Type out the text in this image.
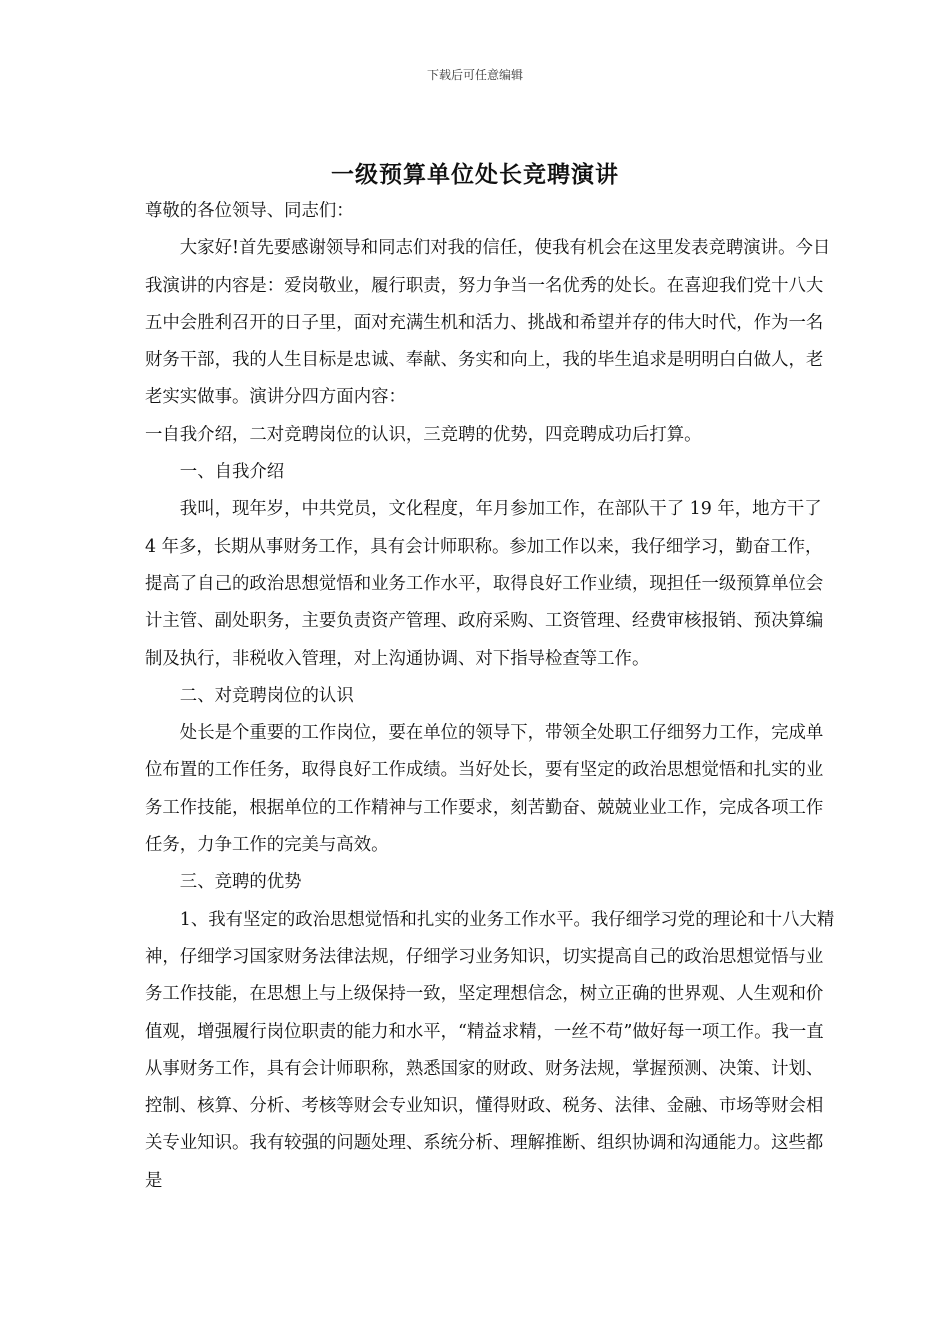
下载后可任意编辑
一级预算单位处长竞聘演讲

尊敬的各位领导、同志们：

大家好!首先要感谢领导和同志们对我的信任，使我有机会在这里发表竞聘演讲。今日我演讲的内容是：爱岗敬业，履行职责，努力争当一名优秀的处长。在喜迎我们党十八大五中会胜利召开的日子里，面对充满生机和活力、挑战和希望并存的伟大时代，作为一名财务干部，我的人生目标是忠诚、奉献、务实和向上，我的毕生追求是明明白白做人，老老实实做事。演讲分四方面内容：

一自我介绍，二对竞聘岗位的认识，三竞聘的优势，四竞聘成功后打算。

一、自我介绍

我叫，现年岁，中共党员，文化程度，年月参加工作，在部队干了 19 年，地方干了 4 年多，长期从事财务工作，具有会计师职称。参加工作以来，我仔细学习，勤奋工作，提高了自己的政治思想觉悟和业务工作水平，取得良好工作业绩，现担任一级预算单位会计主管、副处职务，主要负责资产管理、政府采购、工资管理、经费审核报销、预决算编制及执行，非税收入管理，对上沟通协调、对下指导检查等工作。

二、对竞聘岗位的认识

处长是个重要的工作岗位，要在单位的领导下，带领全处职工仔细努力工作，完成单位布置的工作任务，取得良好工作成绩。当好处长，要有坚定的政治思想觉悟和扎实的业务工作技能，根据单位的工作精神与工作要求，刻苦勤奋、兢兢业业工作，完成各项工作任务，力争工作的完美与高效。

三、竞聘的优势

1、我有坚定的政治思想觉悟和扎实的业务工作水平。我仔细学习党的理论和十八大精神，仔细学习国家财务法律法规，仔细学习业务知识，切实提高自己的政治思想觉悟与业务工作技能，在思想上与上级保持一致，坚定理想信念，树立正确的世界观、人生观和价值观，增强履行岗位职责的能力和水平，“精益求精，一丝不苟”做好每一项工作。我一直从事财务工作，具有会计师职称，熟悉国家的财政、财务法规，掌握预测、决策、计划、控制、核算、分析、考核等财会专业知识，懂得财政、税务、法律、金融、市场等财会相关专业知识。我有较强的问题处理、系统分析、理解推断、组织协调和沟通能力。这些都是
